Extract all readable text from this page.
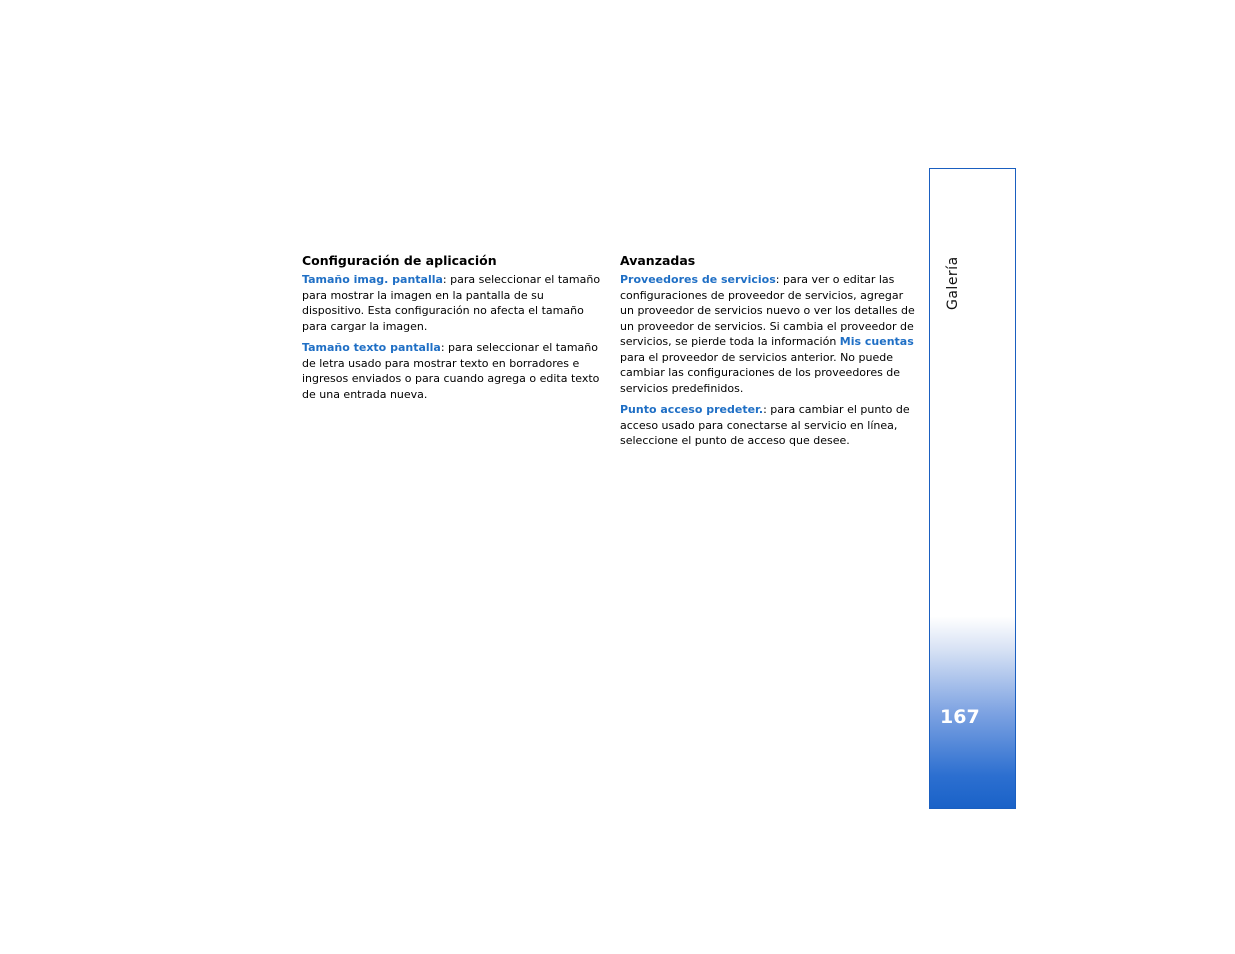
Configuración de aplicación

Tamaño imag. pantalla: para seleccionar el tamaño para mostrar la imagen en la pantalla de su dispositivo. Esta configuración no afecta el tamaño para cargar la imagen.

Tamaño texto pantalla: para seleccionar el tamaño de letra usado para mostrar texto en borradores e ingresos enviados o para cuando agrega o edita texto de una entrada nueva.

Avanzadas

Proveedores de servicios: para ver o editar las configuraciones de proveedor de servicios, agregar un proveedor de servicios nuevo o ver los detalles de un proveedor de servicios. Si cambia el proveedor de servicios, se pierde toda la información Mis cuentas para el proveedor de servicios anterior. No puede cambiar las configuraciones de los proveedores de servicios predefinidos.

Punto acceso predeter.: para cambiar el punto de acceso usado para conectarse al servicio en línea, seleccione el punto de acceso que desee.

Galería
167
